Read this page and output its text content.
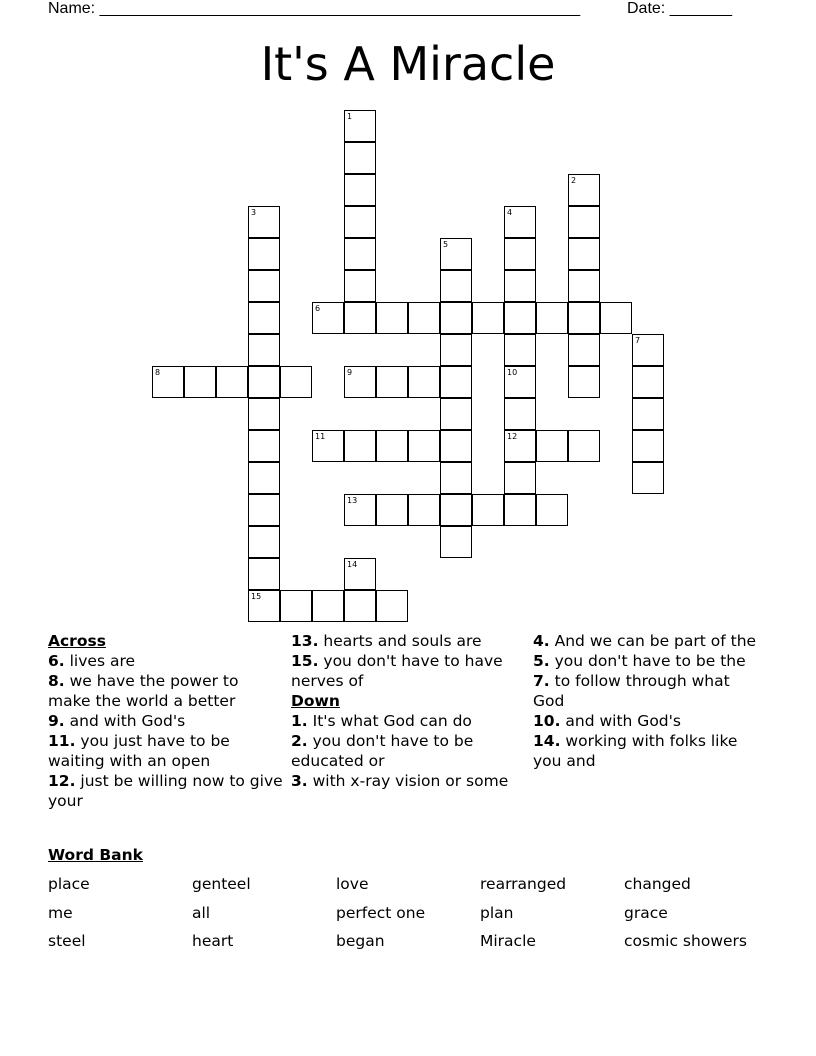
Name: ______________________________________________________	Date: _______
It's A Miracle
1
2
3	4
10
12
5
6
7
8	9
11
13
14
15
Across
6. lives are
8. we have the power to make the world a better
9. and with God's
11. you just have to be waiting with an open
12. just be willing now to give your
13. hearts and souls are
15. you don't have to have nerves of
Down
1. It's what God can do
2. you don't have to be educated or
3. with x-ray vision or some
4. And we can be part of the
5. you don't have to be the
7. to follow through what God
10. and with God's
14. working with folks like you and
Word Bank
place	genteel	love	rearranged	changed
me	all	perfect one	plan	grace
steel	heart	began	Miracle	cosmic showers
